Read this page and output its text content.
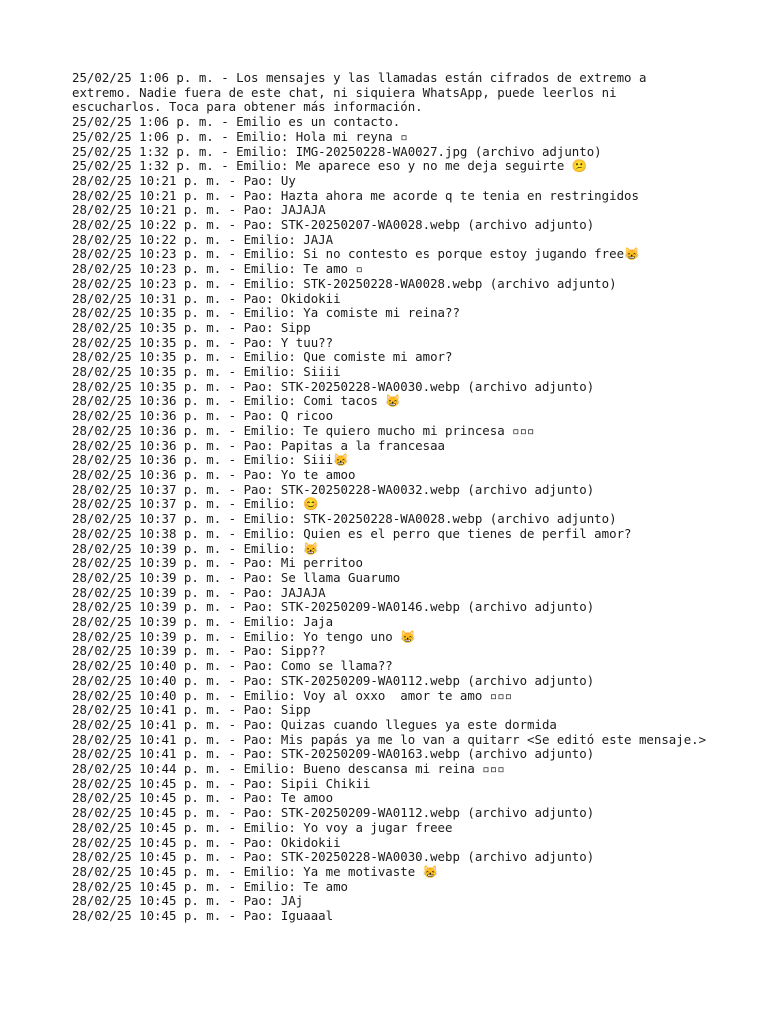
25/02/25 1:06 p. m. - Los mensajes y las llamadas están cifrados de extremo a extremo. Nadie fuera de este chat, ni siquiera WhatsApp, puede leerlos ni escucharlos. Toca para obtener más información.

25/02/25 1:06 p. m. - Emilio es un contacto.

25/02/25 1:06 p. m. - Emilio: Hola mi reyna ▫

25/02/25 1:32 p. m. - Emilio: IMG-20250228-WA0027.jpg (archivo adjunto)

25/02/25 1:32 p. m. - Emilio: Me aparece eso y no me deja seguirte 😕

28/02/25 10:21 p. m. - Pao: Uy

28/02/25 10:21 p. m. - Pao: Hazta ahora me acorde q te tenia en restringidos

28/02/25 10:21 p. m. - Pao: JAJAJA

28/02/25 10:22 p. m. - Pao: STK-20250207-WA0028.webp (archivo adjunto)

28/02/25 10:22 p. m. - Emilio: JAJA

28/02/25 10:23 p. m. - Emilio: Si no contesto es porque estoy jugando free😸

28/02/25 10:23 p. m. - Emilio: Te amo ▫

28/02/25 10:23 p. m. - Emilio: STK-20250228-WA0028.webp (archivo adjunto)

28/02/25 10:31 p. m. - Pao: Okidokii

28/02/25 10:35 p. m. - Emilio: Ya comiste mi reina??

28/02/25 10:35 p. m. - Pao: Sipp

28/02/25 10:35 p. m. - Pao: Y tuu??

28/02/25 10:35 p. m. - Emilio: Que comiste mi amor?

28/02/25 10:35 p. m. - Emilio: Siiii

28/02/25 10:35 p. m. - Pao: STK-20250228-WA0030.webp (archivo adjunto)

28/02/25 10:36 p. m. - Emilio: Comi tacos 😸

28/02/25 10:36 p. m. - Pao: Q ricoo

28/02/25 10:36 p. m. - Emilio: Te quiero mucho mi princesa ▫▫▫

28/02/25 10:36 p. m. - Pao: Papitas a la francesaa

28/02/25 10:36 p. m. - Emilio: Siii😸

28/02/25 10:36 p. m. - Pao: Yo te amoo

28/02/25 10:37 p. m. - Pao: STK-20250228-WA0032.webp (archivo adjunto)

28/02/25 10:37 p. m. - Emilio: 😊

28/02/25 10:37 p. m. - Emilio: STK-20250228-WA0028.webp (archivo adjunto)

28/02/25 10:38 p. m. - Emilio: Quien es el perro que tienes de perfil amor?

28/02/25 10:39 p. m. - Emilio: 😸

28/02/25 10:39 p. m. - Pao: Mi perritoo

28/02/25 10:39 p. m. - Pao: Se llama Guarumo

28/02/25 10:39 p. m. - Pao: JAJAJA

28/02/25 10:39 p. m. - Pao: STK-20250209-WA0146.webp (archivo adjunto)

28/02/25 10:39 p. m. - Emilio: Jaja

28/02/25 10:39 p. m. - Emilio: Yo tengo uno 😸

28/02/25 10:39 p. m. - Pao: Sipp??

28/02/25 10:40 p. m. - Pao: Como se llama??

28/02/25 10:40 p. m. - Pao: STK-20250209-WA0112.webp (archivo adjunto)

28/02/25 10:40 p. m. - Emilio: Voy al oxxo  amor te amo ▫▫▫

28/02/25 10:41 p. m. - Pao: Sipp

28/02/25 10:41 p. m. - Pao: Quizas cuando llegues ya este dormida

28/02/25 10:41 p. m. - Pao: Mis papás ya me lo van a quitarr <Se editó este mensaje.>

28/02/25 10:41 p. m. - Pao: STK-20250209-WA0163.webp (archivo adjunto)

28/02/25 10:44 p. m. - Emilio: Bueno descansa mi reina ▫▫▫

28/02/25 10:45 p. m. - Pao: Sipii Chikii

28/02/25 10:45 p. m. - Pao: Te amoo

28/02/25 10:45 p. m. - Pao: STK-20250209-WA0112.webp (archivo adjunto)

28/02/25 10:45 p. m. - Emilio: Yo voy a jugar freee

28/02/25 10:45 p. m. - Pao: Okidokii

28/02/25 10:45 p. m. - Pao: STK-20250228-WA0030.webp (archivo adjunto)

28/02/25 10:45 p. m. - Emilio: Ya me motivaste 😸

28/02/25 10:45 p. m. - Emilio: Te amo

28/02/25 10:45 p. m. - Pao: JAj

28/02/25 10:45 p. m. - Pao: Iguaaal
